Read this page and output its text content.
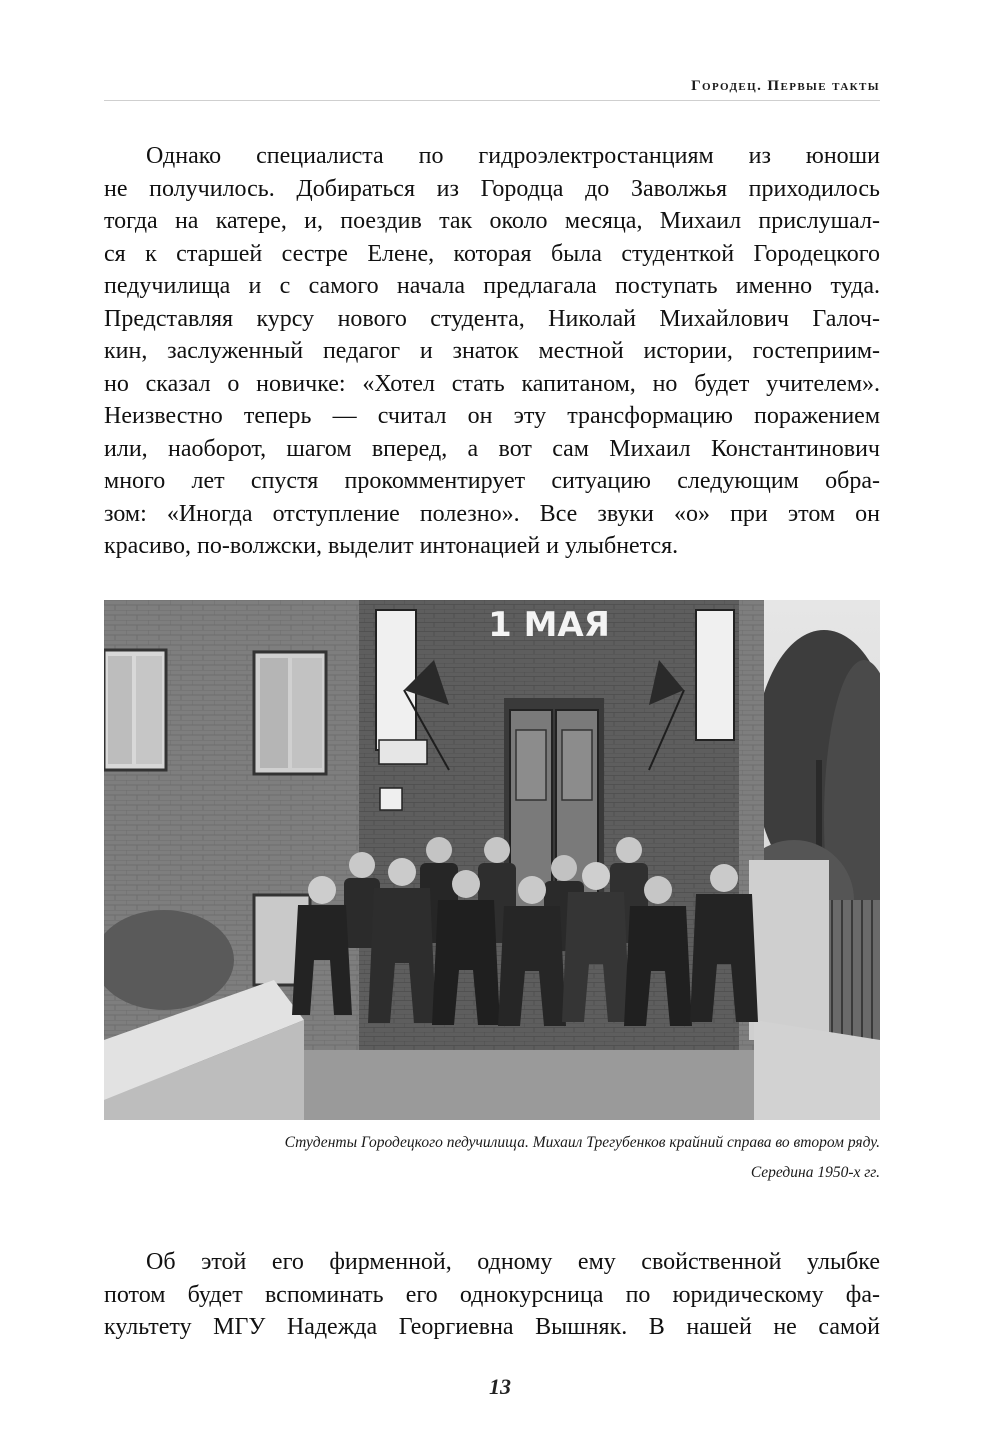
Городец. Первые такты
Однако специалиста по гидроэлектростанциям из юноши
не получилось. Добираться из Городца до Заволжья приходилось
тогда на катере, и, поездив так около месяца, Михаил прислушал-
ся к старшей сестре Елене, которая была студенткой Городецкого
педучилища и с самого начала предлагала поступать именно туда.
Представляя курсу нового студента, Николай Михайлович Галоч-
кин, заслуженный педагог и знаток местной истории, гостеприим-
но сказал о новичке: «Хотел стать капитаном, но будет учителем».
Неизвестно теперь — считал он эту трансформацию поражением
или, наоборот, шагом вперед, а вот сам Михаил Константинович
много лет спустя прокомментирует ситуацию следующим обра-
зом: «Иногда отступление полезно». Все звуки «о» при этом он
красиво, по-волжски, выделит интонацией и улыбнется.
1 МАЯ
Студенты Городецкого педучилища. Михаил Трегубенков крайний справа во втором ряду.
Середина 1950-х гг.
Об этой его фирменной, одному ему свойственной улыбке
потом будет вспоминать его однокурсница по юридическому фа-
культету МГУ Надежда Георгиевна Вышняк. В нашей не самой
13
